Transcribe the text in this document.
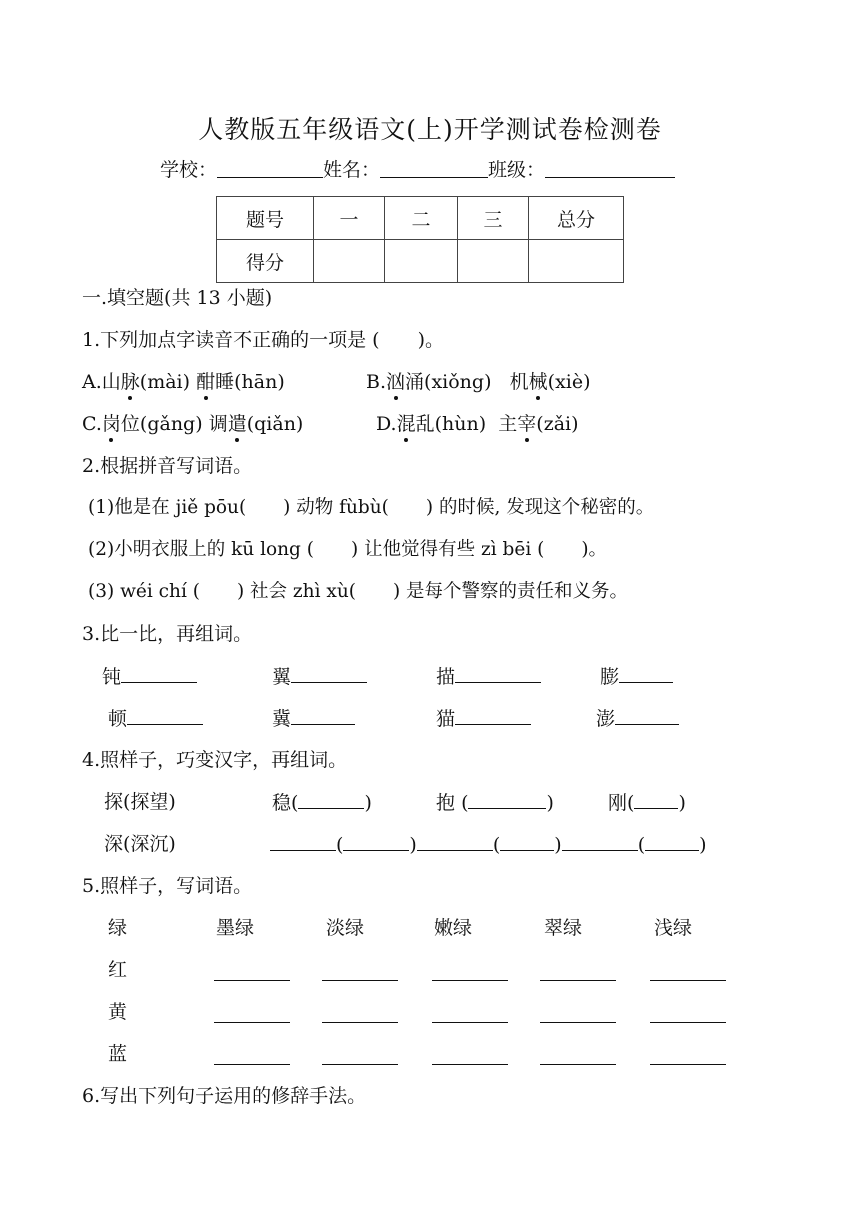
人教版五年级语文(上)开学测试卷检测卷
学校：	姓名：	班级：
题号	一	二	三	总分
得分				
一.填空题(共 13 小题)
1.下列加点字读音不正确的一项是 (　　)。
A.山脉(mài) 酣睡(hān)	B.汹涌(xiǒng) 机械(xiè)
C.岗位(gǎng) 调遣(qiǎn)	D.混乱(hùn) 主宰(zǎi)
2.根据拼音写词语。
(1)他是在 jiě pōu(　　) 动物 fùbù(　　) 的时候, 发现这个秘密的。
(2)小明衣服上的 kū long (　　) 让他觉得有些 zì bēi (　　)。
(3) wéi chí (　　) 社会 zhì xù(　　) 是每个警察的责任和义务。
3.比一比，再组词。
钝	翼	描	膨
顿	冀	猫	澎
4.照样子，巧变汉字，再组词。
探(探望)	稳(	)	抱 (	)	刚( )
深(深沉)	(	)	(	)	(	)
5.照样子，写词语。
绿	墨绿	淡绿	嫩绿	翠绿	浅绿
红
黄
蓝
6.写出下列句子运用的修辞手法。
